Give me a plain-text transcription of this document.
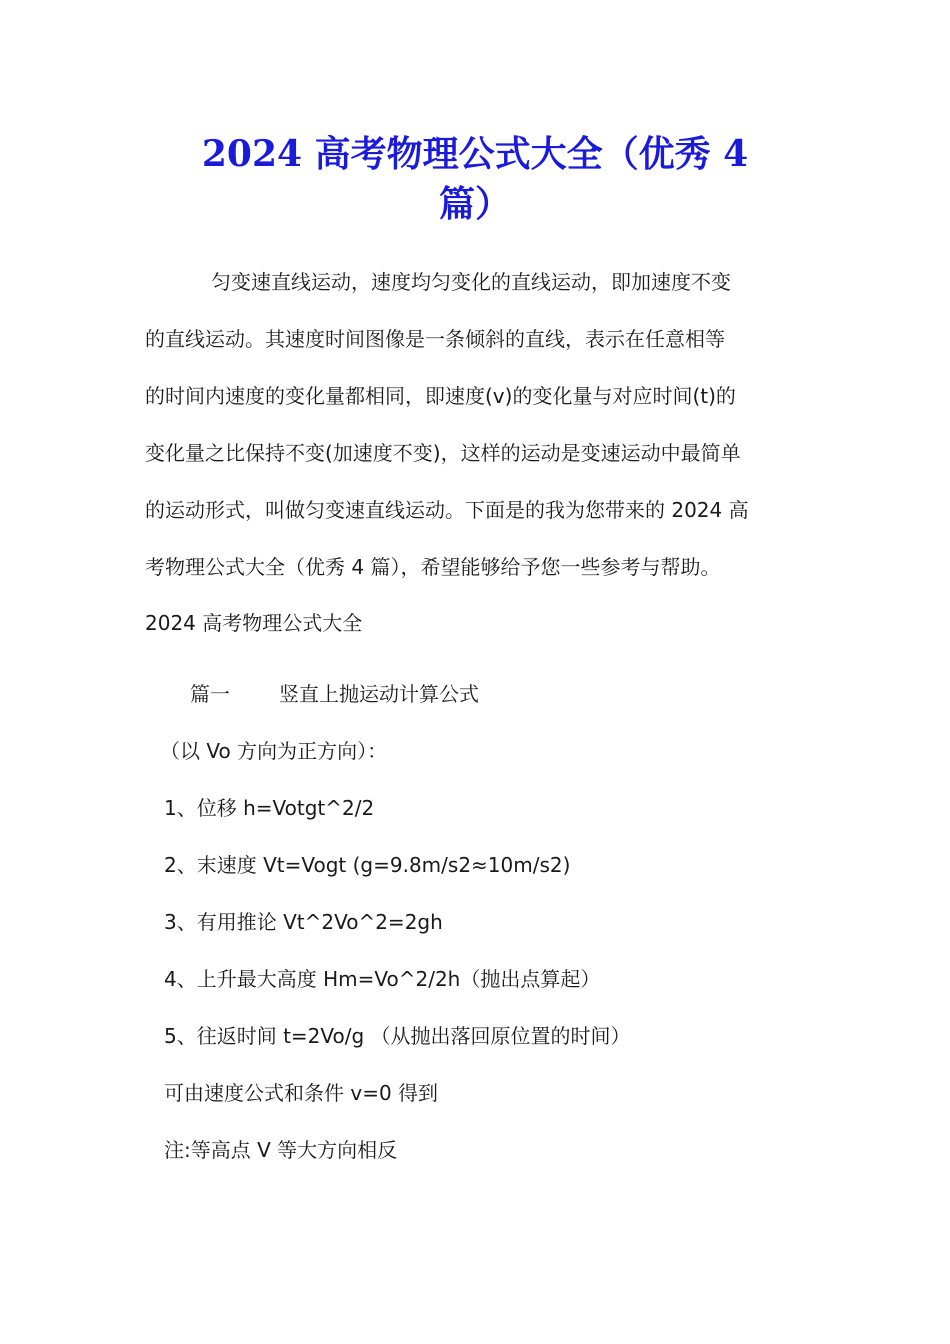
2024 高考物理公式大全（优秀 4
篇）
匀变速直线运动，速度均匀变化的直线运动，即加速度不变
的直线运动。其速度时间图像是一条倾斜的直线，表示在任意相等
的时间内速度的变化量都相同，即速度(v)的变化量与对应时间(t)的
变化量之比保持不变(加速度不变)，这样的运动是变速运动中最简单
的运动形式，叫做匀变速直线运动。下面是的我为您带来的 2024 高
考物理公式大全（优秀 4 篇），希望能够给予您一些参考与帮助。

2024 高考物理公式大全

篇一 竖直上抛运动计算公式

（以 Vo 方向为正方向）：

1、位移 h=Votgt^2/2

2、末速度 Vt=Vogt (g=9.8m/s2≈10m/s2)

3、有用推论 Vt^2Vo^2=2gh

4、上升最大高度 Hm=Vo^2/2h（抛出点算起）

5、往返时间 t=2Vo/g （从抛出落回原位置的时间）

可由速度公式和条件 v=0 得到

注:等高点 V 等大方向相反
